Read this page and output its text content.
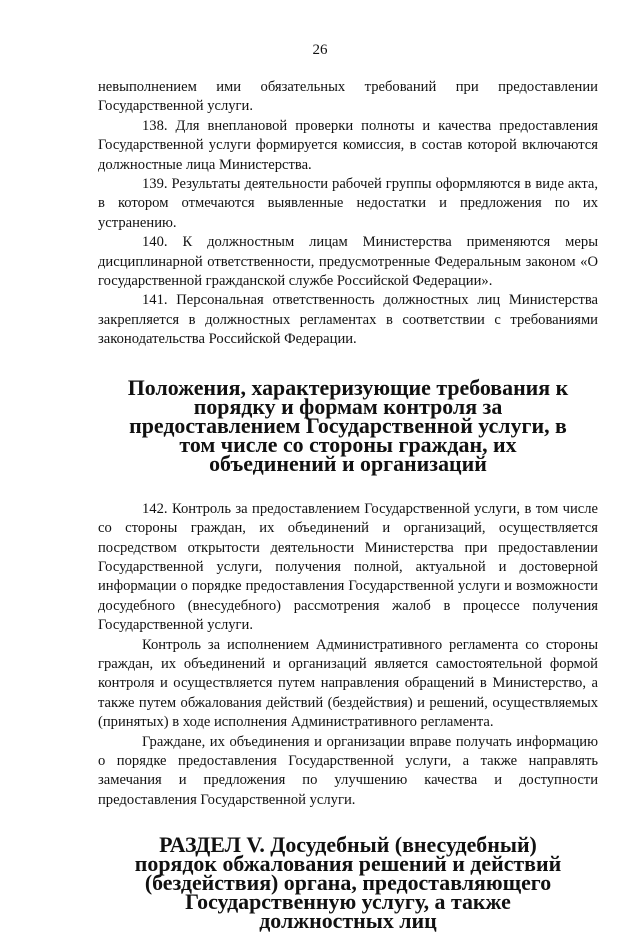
26

невыполнением ими обязательных требований при предоставлении Государственной услуги.

138. Для внеплановой проверки полноты и качества предоставления Государственной услуги формируется комиссия, в состав которой включаются должностные лица Министерства.

139. Результаты деятельности рабочей группы оформляются в виде акта, в котором отмечаются выявленные недостатки и предложения по их устранению.

140. К должностным лицам Министерства применяются меры дисциплинарной ответственности, предусмотренные Федеральным законом «О государственной гражданской службе Российской Федерации».

141. Персональная ответственность должностных лиц Министерства закрепляется в должностных регламентах в соответствии с требованиями законодательства Российской Федерации.

Положения, характеризующие требования к порядку и формам контроля за предоставлением Государственной услуги, в том числе со стороны граждан, их объединений и организаций

142. Контроль за предоставлением Государственной услуги, в том числе со стороны граждан, их объединений и организаций, осуществляется посредством открытости деятельности Министерства при предоставлении Государственной услуги, получения полной, актуальной и достоверной информации о порядке предоставления Государственной услуги и возможности досудебного (внесудебного) рассмотрения жалоб в процессе получения Государственной услуги.

Контроль за исполнением Административного регламента со стороны граждан, их объединений и организаций является самостоятельной формой контроля и осуществляется путем направления обращений в Министерство, а также путем обжалования действий (бездействия) и решений, осуществляемых (принятых) в ходе исполнения Административного регламента.

Граждане, их объединения и организации вправе получать информацию о порядке предоставления Государственной услуги, а также направлять замечания и предложения по улучшению качества и доступности предоставления Государственной услуги.

РАЗДЕЛ V. Досудебный (внесудебный) порядок обжалования решений и действий (бездействия) органа, предоставляющего Государственную услугу, а также должностных лиц
